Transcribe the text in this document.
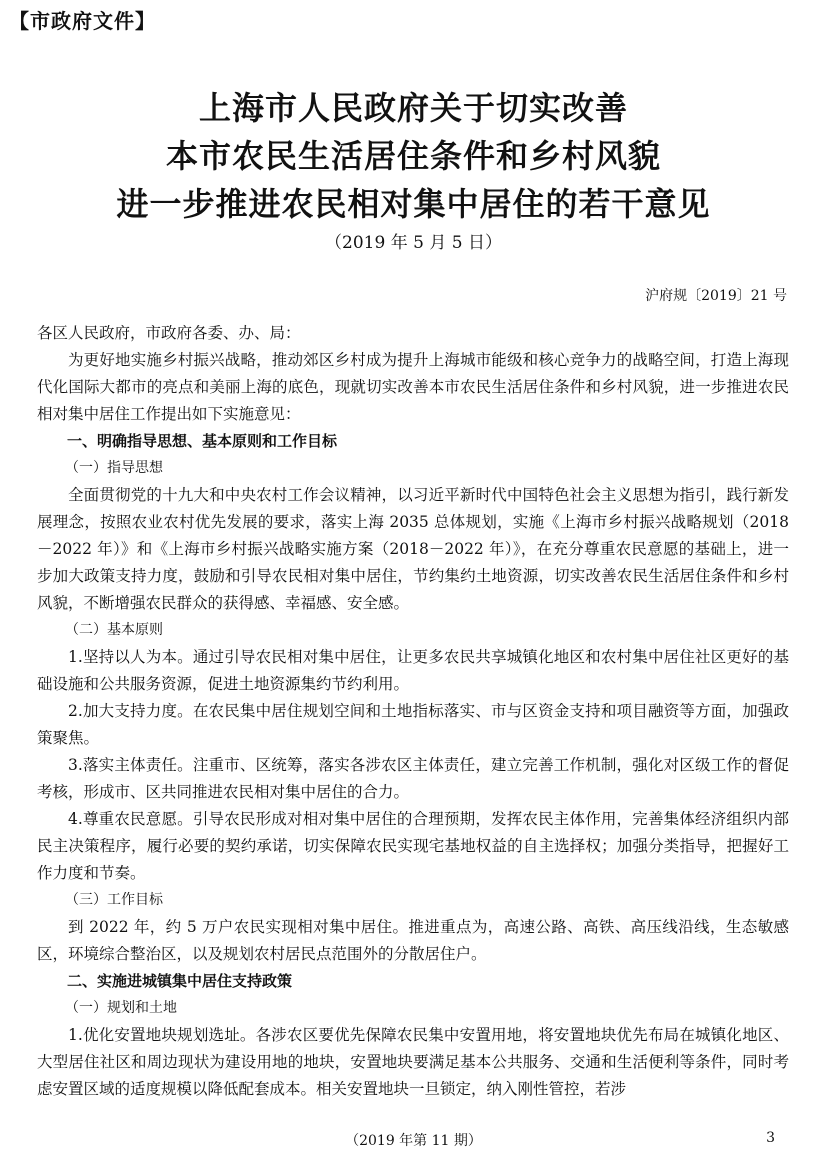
【市政府文件】
上海市人民政府关于切实改善
本市农民生活居住条件和乡村风貌
进一步推进农民相对集中居住的若干意见
（2019 年 5 月 5 日）
沪府规〔2019〕21 号

各区人民政府，市政府各委、办、局：

为更好地实施乡村振兴战略，推动郊区乡村成为提升上海城市能级和核心竞争力的战略空间，打造上海现代化国际大都市的亮点和美丽上海的底色，现就切实改善本市农民生活居住条件和乡村风貌，进一步推进农民相对集中居住工作提出如下实施意见：

一、明确指导思想、基本原则和工作目标

（一）指导思想

全面贯彻党的十九大和中央农村工作会议精神，以习近平新时代中国特色社会主义思想为指引，践行新发展理念，按照农业农村优先发展的要求，落实上海 2035 总体规划，实施《上海市乡村振兴战略规划（2018－2022 年）》和《上海市乡村振兴战略实施方案（2018－2022 年）》，在充分尊重农民意愿的基础上，进一步加大政策支持力度，鼓励和引导农民相对集中居住，节约集约土地资源，切实改善农民生活居住条件和乡村风貌，不断增强农民群众的获得感、幸福感、安全感。

（二）基本原则

1.坚持以人为本。通过引导农民相对集中居住，让更多农民共享城镇化地区和农村集中居住社区更好的基础设施和公共服务资源，促进土地资源集约节约利用。

2.加大支持力度。在农民集中居住规划空间和土地指标落实、市与区资金支持和项目融资等方面，加强政策聚焦。

3.落实主体责任。注重市、区统筹，落实各涉农区主体责任，建立完善工作机制，强化对区级工作的督促考核，形成市、区共同推进农民相对集中居住的合力。

4.尊重农民意愿。引导农民形成对相对集中居住的合理预期，发挥农民主体作用，完善集体经济组织内部民主决策程序，履行必要的契约承诺，切实保障农民实现宅基地权益的自主选择权；加强分类指导，把握好工作力度和节奏。

（三）工作目标

到 2022 年，约 5 万户农民实现相对集中居住。推进重点为，高速公路、高铁、高压线沿线，生态敏感区，环境综合整治区，以及规划农村居民点范围外的分散居住户。

二、实施进城镇集中居住支持政策

（一）规划和土地

1.优化安置地块规划选址。各涉农区要优先保障农民集中安置用地，将安置地块优先布局在城镇化地区、大型居住社区和周边现状为建设用地的地块，安置地块要满足基本公共服务、交通和生活便利等条件，同时考虑安置区域的适度规模以降低配套成本。相关安置地块一旦锁定，纳入刚性管控，若涉

（2019 年第 11 期）	3
